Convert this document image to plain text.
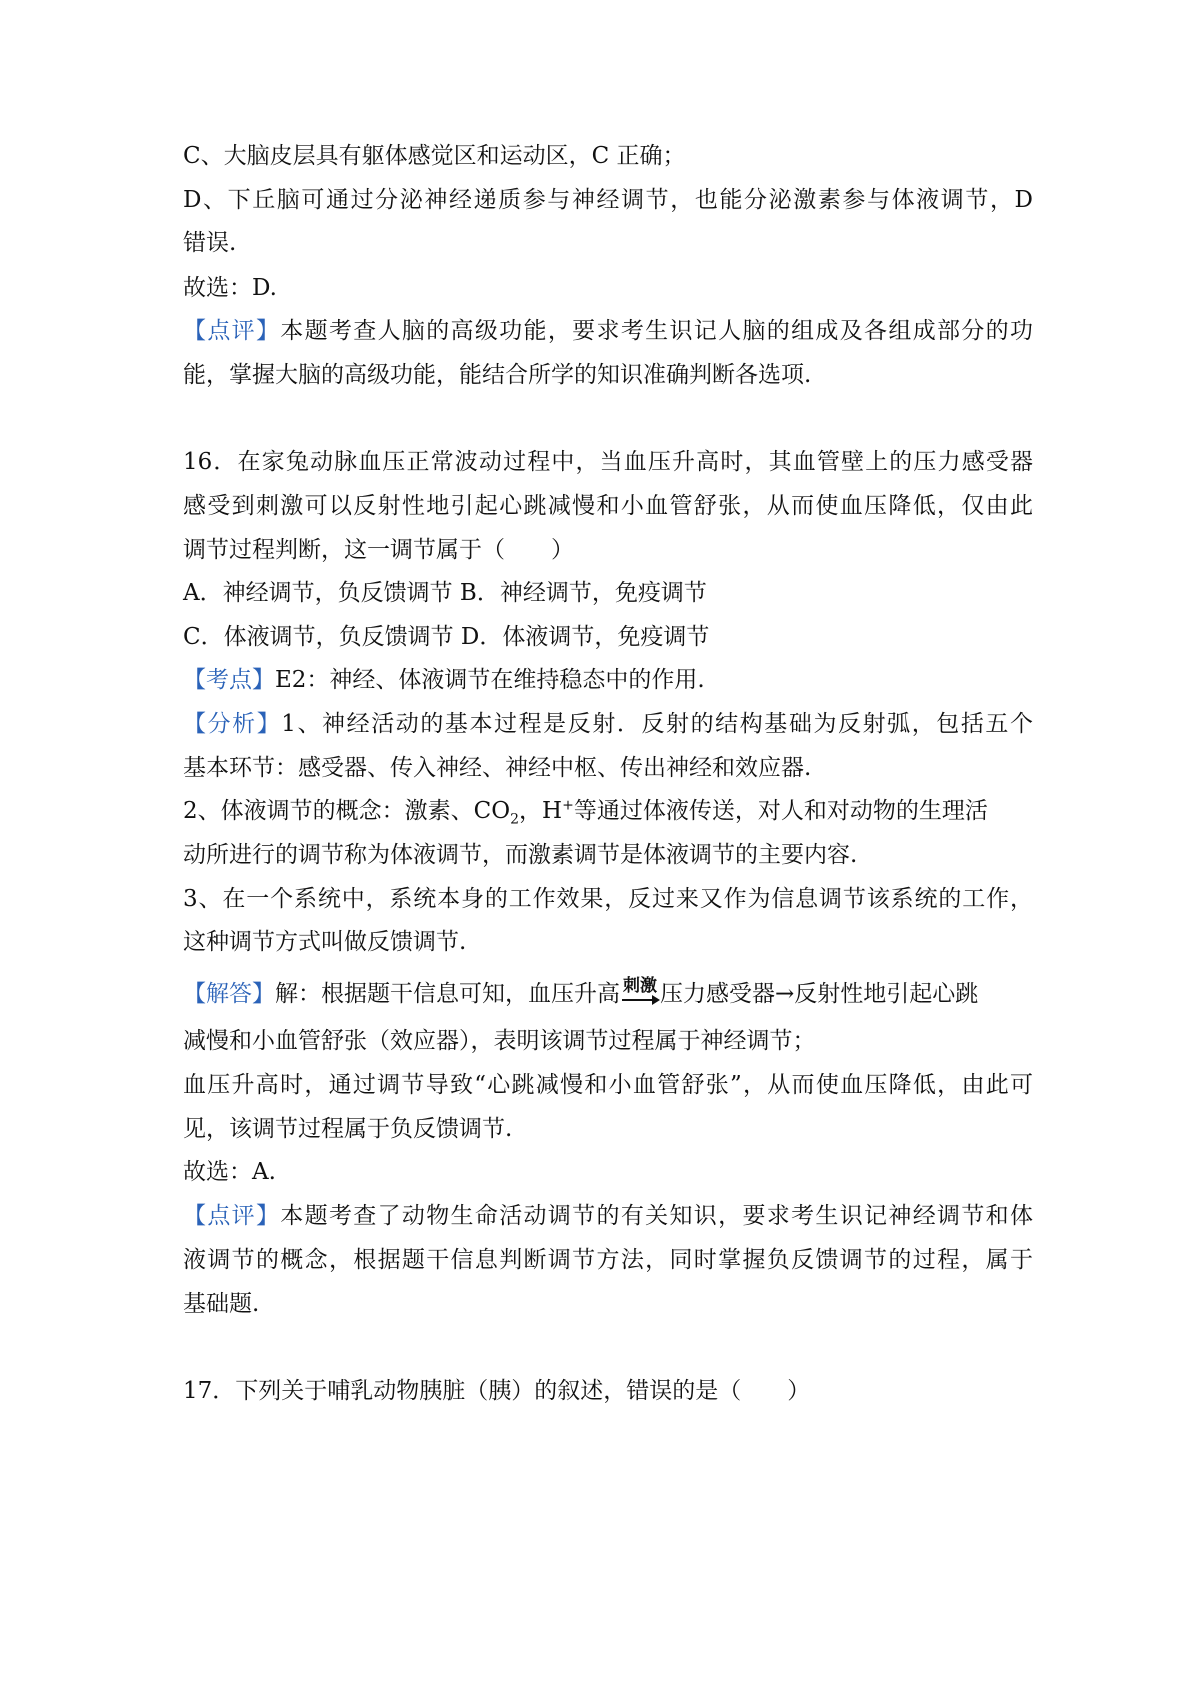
C、大脑皮层具有躯体感觉区和运动区，C 正确；
D、下丘脑可通过分泌神经递质参与神经调节，也能分泌激素参与体液调节，D
错误.
故选：D.
【点评】本题考查人脑的高级功能，要求考生识记人脑的组成及各组成部分的功
能，掌握大脑的高级功能，能结合所学的知识准确判断各选项.
16．在家兔动脉血压正常波动过程中，当血压升高时，其血管壁上的压力感受器
感受到刺激可以反射性地引起心跳减慢和小血管舒张，从而使血压降低，仅由此
调节过程判断，这一调节属于（　　）
A．神经调节，负反馈调节 B．神经调节，免疫调节
C．体液调节，负反馈调节 D．体液调节，免疫调节
【考点】E2：神经、体液调节在维持稳态中的作用.
【分析】1、神经活动的基本过程是反射．反射的结构基础为反射弧，包括五个
基本环节：感受器、传入神经、神经中枢、传出神经和效应器.
2、体液调节的概念：激素、$CO_2$，H+等通过体液传送，对人和对动物的生理活
动所进行的调节称为体液调节，而激素调节是体液调节的主要内容.
3、在一个系统中，系统本身的工作效果，反过来又作为信息调节该系统的工作，
这种调节方式叫做反馈调节.
【解答】解：根据题干信息可知，血压升高 刺激 压力感受器→反射性地引起心跳
减慢和小血管舒张（效应器），表明该调节过程属于神经调节；
血压升高时，通过调节导致“心跳减慢和小血管舒张”，从而使血压降低，由此可
见，该调节过程属于负反馈调节.
故选：A.
【点评】本题考查了动物生命活动调节的有关知识，要求考生识记神经调节和体
液调节的概念，根据题干信息判断调节方法，同时掌握负反馈调节的过程，属于
基础题.
17．下列关于哺乳动物胰脏（胰）的叙述，错误的是（　　）
